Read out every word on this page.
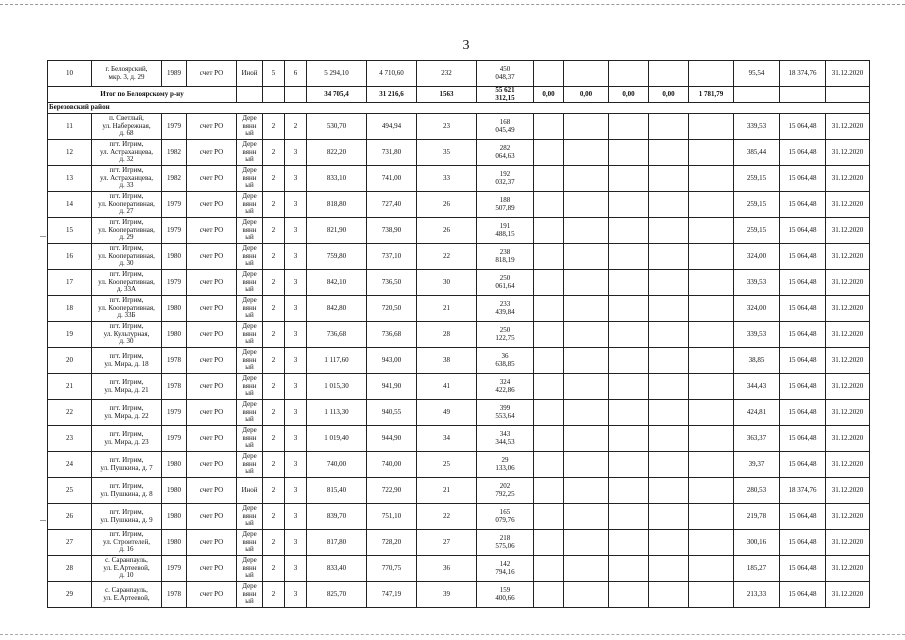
3
10	г. Белоярский,
мкр. 3, д. 29	1989	счет РО	Иной	5	6	5 294,10	4 710,60	232	450
048,37						95,54	18 374,76	31.12.2020
Итог по Белоярскому р-ну							34 705,4	31 216,6	1563	55 621
312,15	0,00	0,00	0,00	0,00	1 781,79			
Березовский район																		
11	п. Светлый,
ул. Набережная,
д. 68	1979	счет РО	Дере
вянн
ый	2	2	530,70	494,94	23	168
045,49						339,53	15 064,48	31.12.2020
12	пгт. Игрим,
ул. Астраханцева,
д. 32	1982	счет РО	Дере
вянн
ый	2	3	822,20	731,80	35	282
064,63						385,44	15 064,48	31.12.2020
13	пгт. Игрим,
ул. Астраханцева,
д. 33	1982	счет РО	Дере
вянн
ый	2	3	833,10	741,00	33	192
032,37						259,15	15 064,48	31.12.2020
14	пгт. Игрим,
ул. Кооперативная,
д. 27	1979	счет РО	Дере
вянн
ый	2	3	818,80	727,40	26	188
507,89						259,15	15 064,48	31.12.2020
15	пгт. Игрим,
ул. Кооперативная,
д. 29	1979	счет РО	Дере
вянн
ый	2	3	821,90	738,90	26	191
488,15						259,15	15 064,48	31.12.2020
16	пгт. Игрим,
ул. Кооперативная,
д. 30	1980	счет РО	Дере
вянн
ый	2	3	759,80	737,10	22	238
818,19						324,00	15 064,48	31.12.2020
17	пгт. Игрим,
ул. Кооперативная,
д. 33А	1979	счет РО	Дере
вянн
ый	2	3	842,10	736,50	30	250
061,64						339,53	15 064,48	31.12.2020
18	пгт. Игрим,
ул. Кооперативная,
д. 33Б	1980	счет РО	Дере
вянн
ый	2	3	842,80	720,50	21	233
439,84						324,00	15 064,48	31.12.2020
19	пгт. Игрим,
ул. Культурная,
д. 30	1980	счет РО	Дере
вянн
ый	2	3	736,68	736,68	28	250
122,75						339,53	15 064,48	31.12.2020
20	пгт. Игрим,
ул. Мира, д. 18	1978	счет РО	Дере
вянн
ый	2	3	1 117,60	943,00	38	36
638,85						38,85	15 064,48	31.12.2020
21	пгт. Игрим,
ул. Мира, д. 21	1978	счет РО	Дере
вянн
ый	2	3	1 015,30	941,90	41	324
422,86						344,43	15 064,48	31.12.2020
22	пгт. Игрим,
ул. Мира, д. 22	1979	счет РО	Дере
вянн
ый	2	3	1 113,30	940,55	49	399
553,64						424,81	15 064,48	31.12.2020
23	пгт. Игрим,
ул. Мира, д. 23	1979	счет РО	Дере
вянн
ый	2	3	1 019,40	944,90	34	343
344,53						363,37	15 064,48	31.12.2020
24	пгт. Игрим,
ул. Пушкина, д. 7	1980	счет РО	Дере
вянн
ый	2	3	740,00	740,00	25	29
133,06						39,37	15 064,48	31.12.2020
25	пгт. Игрим,
ул. Пушкина, д. 8	1980	счет РО	Иной	2	3	815,40	722,90	21	202
792,25						280,53	18 374,76	31.12.2020
26	пгт. Игрим,
ул. Пушкина, д. 9	1980	счет РО	Дере
вянн
ый	2	3	839,70	751,10	22	165
079,76						219,78	15 064,48	31.12.2020
27	пгт. Игрим,
ул. Строителей,
д. 16	1980	счет РО	Дере
вянн
ый	2	3	817,80	728,20	27	218
575,06						300,16	15 064,48	31.12.2020
28	с. Саранпауль,
ул. Е.Артеевой,
д. 10	1979	счет РО	Дере
вянн
ый	2	3	833,40	770,75	36	142
794,16						185,27	15 064,48	31.12.2020
29	с. Саранпауль,
ул. Е.Артеевой,	1978	счет РО	Дере
вянн
ый	2	3	825,70	747,19	39	159
400,66						213,33	15 064,48	31.12.2020
